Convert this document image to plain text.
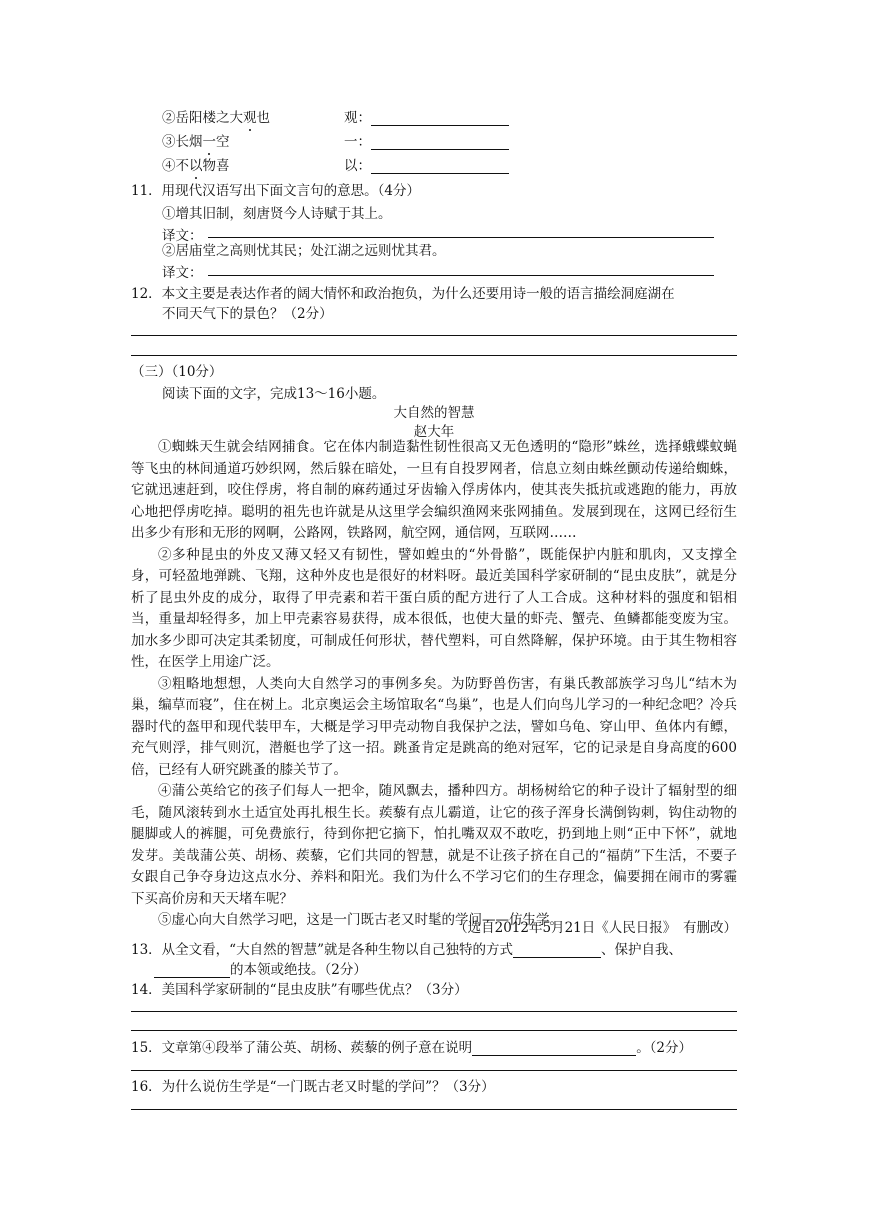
②岳阳楼之大观也	观：
③长烟一空	一：
④不以物喜	以：
11．用现代汉语写出下面文言句的意思。（4分）
①增其旧制，刻唐贤今人诗赋于其上。
译文：
②居庙堂之高则忧其民；处江湖之远则忧其君。
译文：
12．本文主要是表达作者的阔大情怀和政治抱负，为什么还要用诗一般的语言描绘洞庭湖在
不同天气下的景色？（2分）
（三）（10分）
阅读下面的文字，完成13～16小题。
大自然的智慧
赵大年

①蜘蛛天生就会结网捕食。它在体内制造黏性韧性很高又无色透明的“隐形”蛛丝，选择蛾蝶蚊蝇等飞虫的林间通道巧妙织网，然后躲在暗处，一旦有自投罗网者，信息立刻由蛛丝颤动传递给蜘蛛，它就迅速赶到，咬住俘虏，将自制的麻药通过牙齿输入俘虏体内，使其丧失抵抗或逃跑的能力，再放心地把俘虏吃掉。聪明的祖先也许就是从这里学会编织渔网来张网捕鱼。发展到现在，这网已经衍生出多少有形和无形的网啊，公路网，铁路网，航空网，通信网，互联网……

②多种昆虫的外皮又薄又轻又有韧性，譬如蝗虫的“外骨骼”，既能保护内脏和肌肉，又支撑全身，可轻盈地弹跳、飞翔，这种外皮也是很好的材料呀。最近美国科学家研制的“昆虫皮肤”，就是分析了昆虫外皮的成分，取得了甲壳素和若干蛋白质的配方进行了人工合成。这种材料的强度和铝相当，重量却轻得多，加上甲壳素容易获得，成本很低，也使大量的虾壳、蟹壳、鱼鳞都能变废为宝。加水多少即可决定其柔韧度，可制成任何形状，替代塑料，可自然降解，保护环境。由于其生物相容性，在医学上用途广泛。

③粗略地想想，人类向大自然学习的事例多矣。为防野兽伤害，有巢氏教部族学习鸟儿“结木为巢，编草而寝”，住在树上。北京奥运会主场馆取名“鸟巢”，也是人们向鸟儿学习的一种纪念吧？冷兵器时代的盔甲和现代装甲车，大概是学习甲壳动物自我保护之法，譬如乌龟、穿山甲、鱼体内有鳔，充气则浮，排气则沉，潜艇也学了这一招。跳蚤肯定是跳高的绝对冠军，它的记录是自身高度的600倍，已经有人研究跳蚤的膝关节了。

④蒲公英给它的孩子们每人一把伞，随风飘去，播种四方。胡杨树给它的种子设计了辐射型的细毛，随风滚转到水土适宜处再扎根生长。蒺藜有点儿霸道，让它的孩子浑身长满倒钩刺，钩住动物的腿脚或人的裤腿，可免费旅行，待到你把它摘下，怕扎嘴双双不敢吃，扔到地上则“正中下怀”，就地发芽。美哉蒲公英、胡杨、蒺藜，它们共同的智慧，就是不让孩子挤在自己的“福荫”下生活，不要子女跟自己争夺身边这点水分、养料和阳光。我们为什么不学习它们的生存理念，偏要拥在闹市的雾霾下买高价房和天天堵车呢？

⑤虚心向大自然学习吧，这是一门既古老又时髦的学问——仿生学。

（选自2012年5月21日《人民日报》　有删改）
13．从全文看，“大自然的智慧”就是各种生物以自己独特的方式	、保护自我、
的本领或绝技。（2分）
14．美国科学家研制的“昆虫皮肤”有哪些优点？（3分）
15．文章第④段举了蒲公英、胡杨、蒺藜的例子意在说明	。（2分）
16．为什么说仿生学是“一门既古老又时髦的学问”？（3分）
